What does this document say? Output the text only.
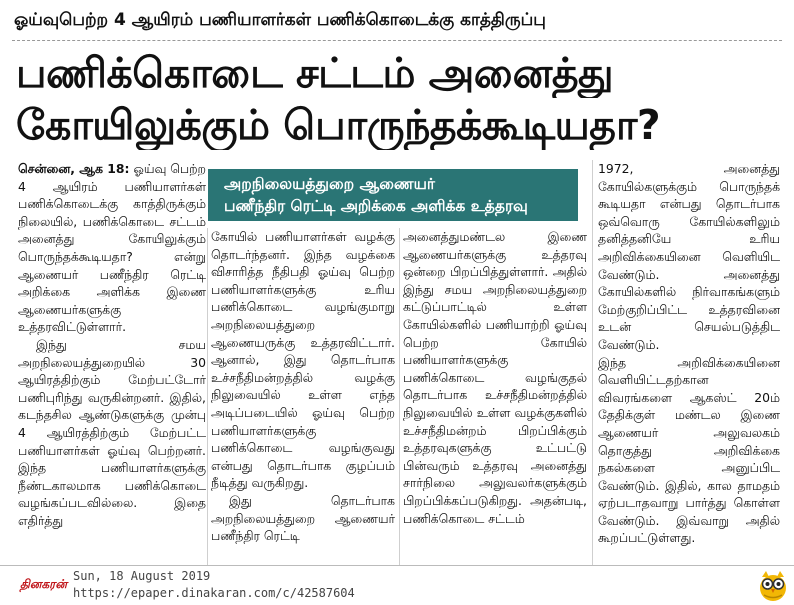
ஓய்வுபெற்ற 4 ஆயிரம் பணியாளர்கள் பணிக்கொடைக்கு காத்திருப்பு
பணிக்கொடை சட்டம் அனைத்து
கோயிலுக்கும் பொருந்தக்கூடியதா?

சென்னை, ஆக 18: ஓய்வு பெற்ற 4 ஆயிரம் பணியாளர்கள் பணிக்கொடைக்கு காத்திருக்கும் நிலையில், பணிக்கொடை சட்டம் அனைத்து கோயிலுக்கும் பொருந்தக்கூடியதா? என்று ஆணையர் பணீந்திர ரெட்டி அறிக்கை அளிக்க இணை ஆணையர்களுக்கு உத்தரவிட்டுள்ளார்.

இந்து சமய அறநிலையத்துறையில் 30 ஆயிரத்திற்கும் மேற்பட்டோர் பணிபுரிந்து வருகின்றனர். இதில், கடந்தசில ஆண்டுகளுக்கு முன்பு 4 ஆயிரத்திற்கும் மேற்பட்ட பணியாளர்கள் ஓய்வு பெற்றனர். இந்த பணியாளர்களுக்கு நீண்டகாலமாக பணிக்கொடை வழங்கப்படவில்லை. இதை எதிர்த்து

அறநிலையத்துறை ஆணையர்
பணீந்திர ரெட்டி அறிக்கை அளிக்க உத்தரவு

கோயில் பணியாளர்கள் வழக்கு தொடர்ந்தனர். இந்த வழக்கை விசாரித்த நீதிபதி ஓய்வு பெற்ற பணியாளர்களுக்கு உரிய பணிக்கொடை வழங்குமாறு அறநிலையத்துறை ஆணையருக்கு உத்தரவிட்டார். ஆனால், இது தொடர்பாக உச்சநீதிமன்றத்தில் வழக்கு நிலுவையில் உள்ள எந்த அடிப்படையில் ஓய்வு பெற்ற பணியாளர்களுக்கு பணிக்கொடை வழங்குவது என்பது தொடர்பாக குழப்பம் நீடித்து வருகிறது.

இது தொடர்பாக அறநிலையத்துறை ஆணையர் பணீந்திர ரெட்டி

அனைத்துமண்டல இணை ஆணையர்களுக்கு உத்தரவு ஒன்றை பிறப்பித்துள்ளார். அதில் இந்து சமய அறநிலையத்துறை கட்டுப்பாட்டில் உள்ள கோயில்களில் பணியாற்றி ஓய்வு பெற்ற கோயில் பணியாளர்களுக்கு பணிக்கொடை வழங்குதல் தொடர்பாக உச்சநீதிமன்றத்தில் நிலுவையில் உள்ள வழக்குகளில் உச்சநீதிமன்றம் பிறப்பிக்கும் உத்தரவுகளுக்கு உட்பட்டு பின்வரும் உத்தரவு அனைத்து சார்நிலை அலுவலர்களுக்கும் பிறப்பிக்கப்படுகிறது. அதன்படி, பணிக்கொடை சட்டம்

1972, அனைத்து கோயில்களுக்கும் பொருந்தக் கூடியதா என்பது தொடர்பாக ஒவ்வொரு கோயில்களிலும் தனித்தனியே உரிய அறிவிக்கையினை வெளியிட வேண்டும். அனைத்து கோயில்களில் நிர்வாகங்களும் மேற்குறிப்பிட்ட உத்தரவினை உடன் செயல்படுத்திட வேண்டும்.

இந்த அறிவிக்கையினை வெளியிட்டதற்கான விவரங்களை ஆகஸ்ட் 20ம் தேதிக்குள் மண்டல இணை ஆணையர் அலுவலகம் தொகுத்து அறிவிக்கை நகல்களை அனுப்பிட வேண்டும். இதில், கால தாமதம் ஏற்படாதவாறு பார்த்து கொள்ள வேண்டும். இவ்வாறு அதில் கூறப்பட்டுள்ளது.

தினகரன்
Sun, 18 August 2019
https://epaper.dinakaran.com/c/42587604
